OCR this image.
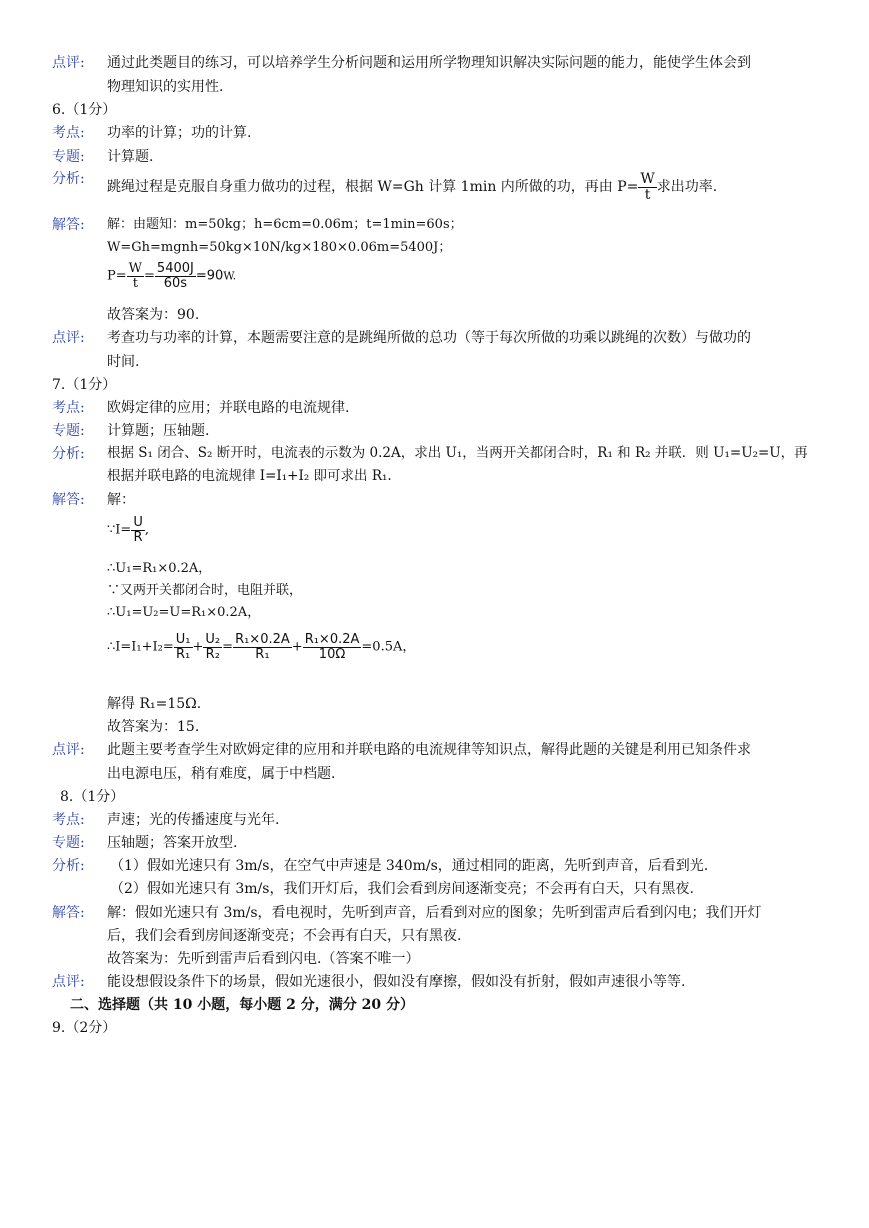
点评: 通过此类题目的练习，可以培养学生分析问题和运用所学物理知识解决实际问题的能力，能使学生体会到
物理知识的实用性.
6.（1分）
考点: 功率的计算；功的计算.
专题: 计算题.
分析:
跳绳过程是克服自身重力做功的过程，根据 W=Gh 计算 1min 内所做的功，再由 $P= \frac{W}{t}$ 求出功率.
解答: 解：由题知：m=50kg；h=6cm=0.06m；t=1min=60s；
W=Gh=mgnh=50kg×10N/kg×180×0.06m=5400J；
$P= \frac{W}{t} = \frac{5400J}{60s} =90W$.
故答案为：90.
点评: 考查功与功率的计算，本题需要注意的是跳绳所做的总功（等于每次所做的功乘以跳绳的次数）与做功的
时间.
7.（1分）
考点: 欧姆定律的应用；并联电路的电流规律.
专题: 计算题；压轴题.
分析: 根据 S₁ 闭合、S₂ 断开时，电流表的示数为 0.2A，求出 U₁，当两开关都闭合时，R₁ 和 R₂ 并联．则 U₁=U₂=U，再
根据并联电路的电流规律 I=I₁+I₂ 即可求出 R₁.
解答: 解：
∵I= $\frac{U}{R}$ ,
∴U₁=R₁×0.2A，
∵又两开关都闭合时，电阻并联，
∴U₁=U₂=U=R₁×0.2A，
∴I=I₁+I₂= $\frac{\text{U₁}}{\text{R₁}} + \frac{\text{U₂}}{\text{R₂}} = \frac{\text{R₁×0.2A}}{\text{R₁}} + \frac{\text{R₁×0.2A}}{10\Omega} =0.5A$，
解得 R₁=15Ω.
故答案为：15.
点评: 此题主要考查学生对欧姆定律的应用和并联电路的电流规律等知识点，解得此题的关键是利用已知条件求
出电源电压，稍有难度，属于中档题.
8.（1分）
考点: 声速；光的传播速度与光年.
专题: 压轴题；答案开放型.
分析: （1）假如光速只有 3m/s，在空气中声速是 340m/s，通过相同的距离，先听到声音，后看到光.
（2）假如光速只有 3m/s，我们开灯后，我们会看到房间逐渐变亮；不会再有白天，只有黑夜.
解答: 解：假如光速只有 3m/s，看电视时，先听到声音，后看到对应的图象；先听到雷声后看到闪电；我们开灯
后，我们会看到房间逐渐变亮；不会再有白天，只有黑夜.
故答案为：先听到雷声后看到闪电.（答案不唯一）
点评: 能设想假设条件下的场景，假如光速很小，假如没有摩擦，假如没有折射，假如声速很小等等.
二、选择题（共 10 小题，每小题 2 分，满分 20 分）
9.（2分）
